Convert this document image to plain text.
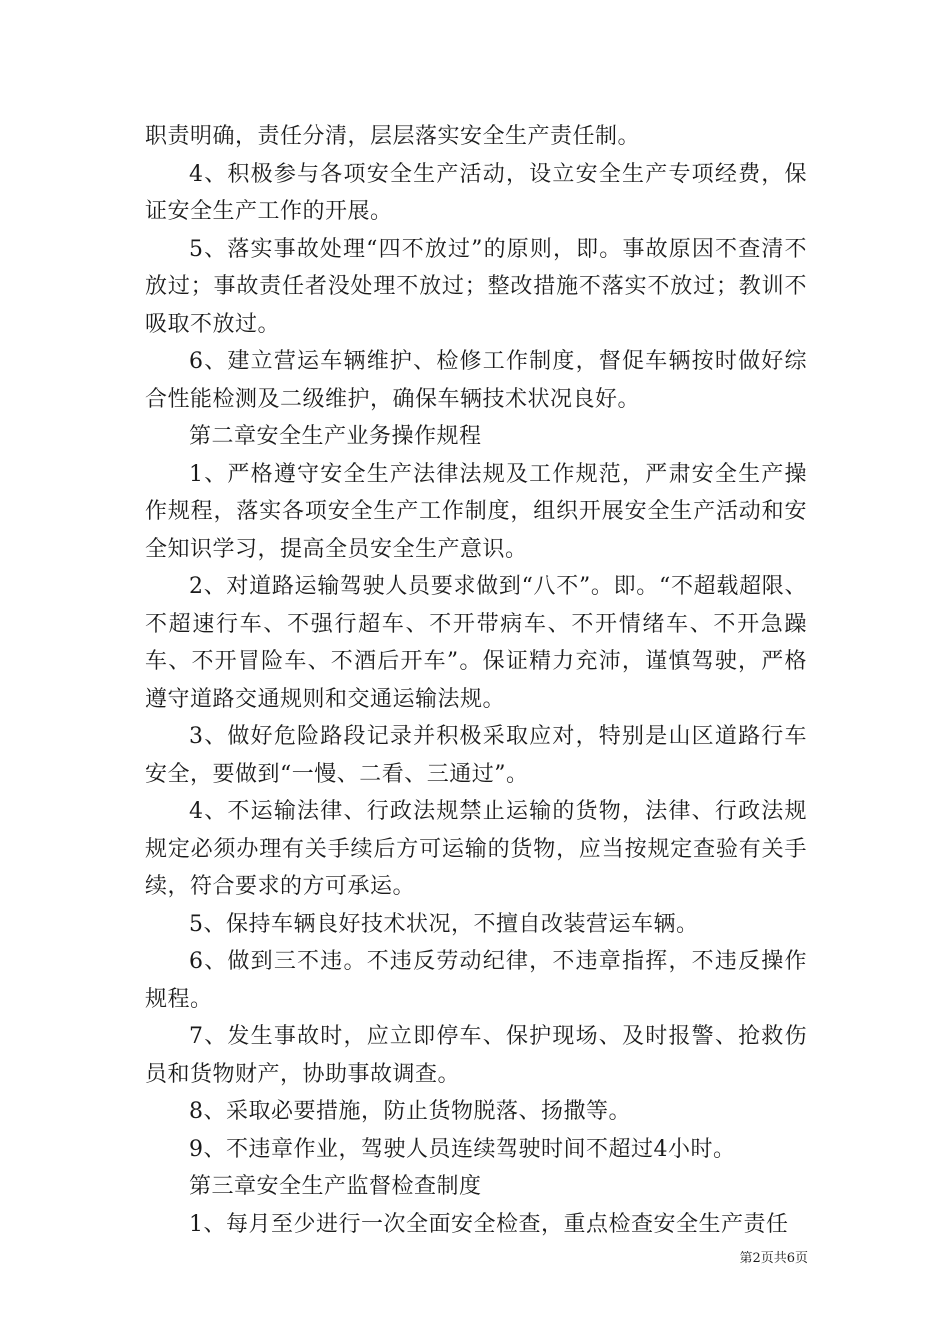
职责明确，责任分清，层层落实安全生产责任制。

4、积极参与各项安全生产活动，设立安全生产专项经费，保证安全生产工作的开展。

5、落实事故处理“四不放过”的原则，即。事故原因不查清不放过；事故责任者没处理不放过；整改措施不落实不放过；教训不吸取不放过。

6、建立营运车辆维护、检修工作制度，督促车辆按时做好综合性能检测及二级维护，确保车辆技术状况良好。

第二章安全生产业务操作规程

1、严格遵守安全生产法律法规及工作规范，严肃安全生产操作规程，落实各项安全生产工作制度，组织开展安全生产活动和安全知识学习，提高全员安全生产意识。

2、对道路运输驾驶人员要求做到“八不”。即。“不超载超限、不超速行车、不强行超车、不开带病车、不开情绪车、不开急躁车、不开冒险车、不酒后开车”。保证精力充沛，谨慎驾驶，严格遵守道路交通规则和交通运输法规。

3、做好危险路段记录并积极采取应对，特别是山区道路行车安全，要做到“一慢、二看、三通过”。

4、不运输法律、行政法规禁止运输的货物，法律、行政法规规定必须办理有关手续后方可运输的货物，应当按规定查验有关手续，符合要求的方可承运。

5、保持车辆良好技术状况，不擅自改装营运车辆。

6、做到三不违。不违反劳动纪律，不违章指挥，不违反操作规程。

7、发生事故时，应立即停车、保护现场、及时报警、抢救伤员和货物财产，协助事故调查。

8、采取必要措施，防止货物脱落、扬撒等。

9、不违章作业，驾驶人员连续驾驶时间不超过4小时。

第三章安全生产监督检查制度

1、每月至少进行一次全面安全检查，重点检查安全生产责任

第2页共6页
